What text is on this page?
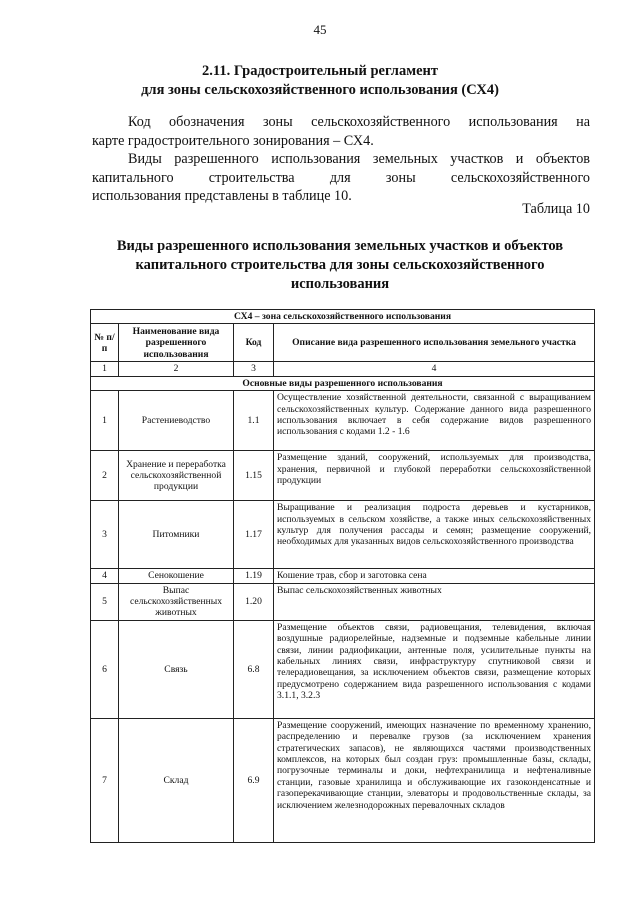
45
2.11. Градостроительный регламент
для зоны сельскохозяйственного использования (СХ4)
Код обозначения зоны сельскохозяйственного использования на
карте градостроительного зонирования – СХ4.
Виды разрешенного использования земельных участков и объектов
капитального строительства для зоны сельскохозяйственного
использования представлены в таблице 10.
Таблица 10
Виды разрешенного использования земельных участков и объектов
капитального строительства для зоны сельскохозяйственного
использования
СХ4 – зона сельскохозяйственного использования			
№ п/п	Наименование вида разрешенного использования	Код	Описание вида разрешенного использования земельного участка
1	2	3	4
Основные виды разрешенного использования			
1	Растениеводство	1.1	Осуществление хозяйственной деятельности, связанной с выращиванием сельскохозяйственных культур. Содержание данного вида разрешенного использования включает в себя содержание видов разрешенного использования с кодами 1.2 - 1.6
2	Хранение и переработка сельскохозяйственной продукции	1.15	Размещение зданий, сооружений, используемых для производства, хранения, первичной и глубокой переработки сельскохозяйственной продукции
3	Питомники	1.17	Выращивание и реализация подроста деревьев и кустарников, используемых в сельском хозяйстве, а также иных сельскохозяйственных культур для получения рассады и семян; размещение сооружений, необходимых для указанных видов сельскохозяйственного производства
4	Сенокошение	1.19	Кошение трав, сбор и заготовка сена
5	Выпас сельскохозяйственных животных	1.20	Выпас сельскохозяйственных животных
6	Связь	6.8	Размещение объектов связи, радиовещания, телевидения, включая воздушные радиорелейные, надземные и подземные кабельные линии связи, линии радиофикации, антенные поля, усилительные пункты на кабельных линиях связи, инфраструктуру спутниковой связи и телерадиовещания, за исключением объектов связи, размещение которых предусмотрено содержанием вида разрешенного использования с кодами 3.1.1, 3.2.3
7	Склад	6.9	Размещение сооружений, имеющих назначение по временному хранению, распределению и перевалке грузов (за исключением хранения стратегических запасов), не являющихся частями производственных комплексов, на которых был создан груз: промышленные базы, склады, погрузочные терминалы и доки, нефтехранилища и нефтеналивные станции, газовые хранилища и обслуживающие их газоконденсатные и газоперекачивающие станции, элеваторы и продовольственные склады, за исключением железнодорожных перевалочных складов
